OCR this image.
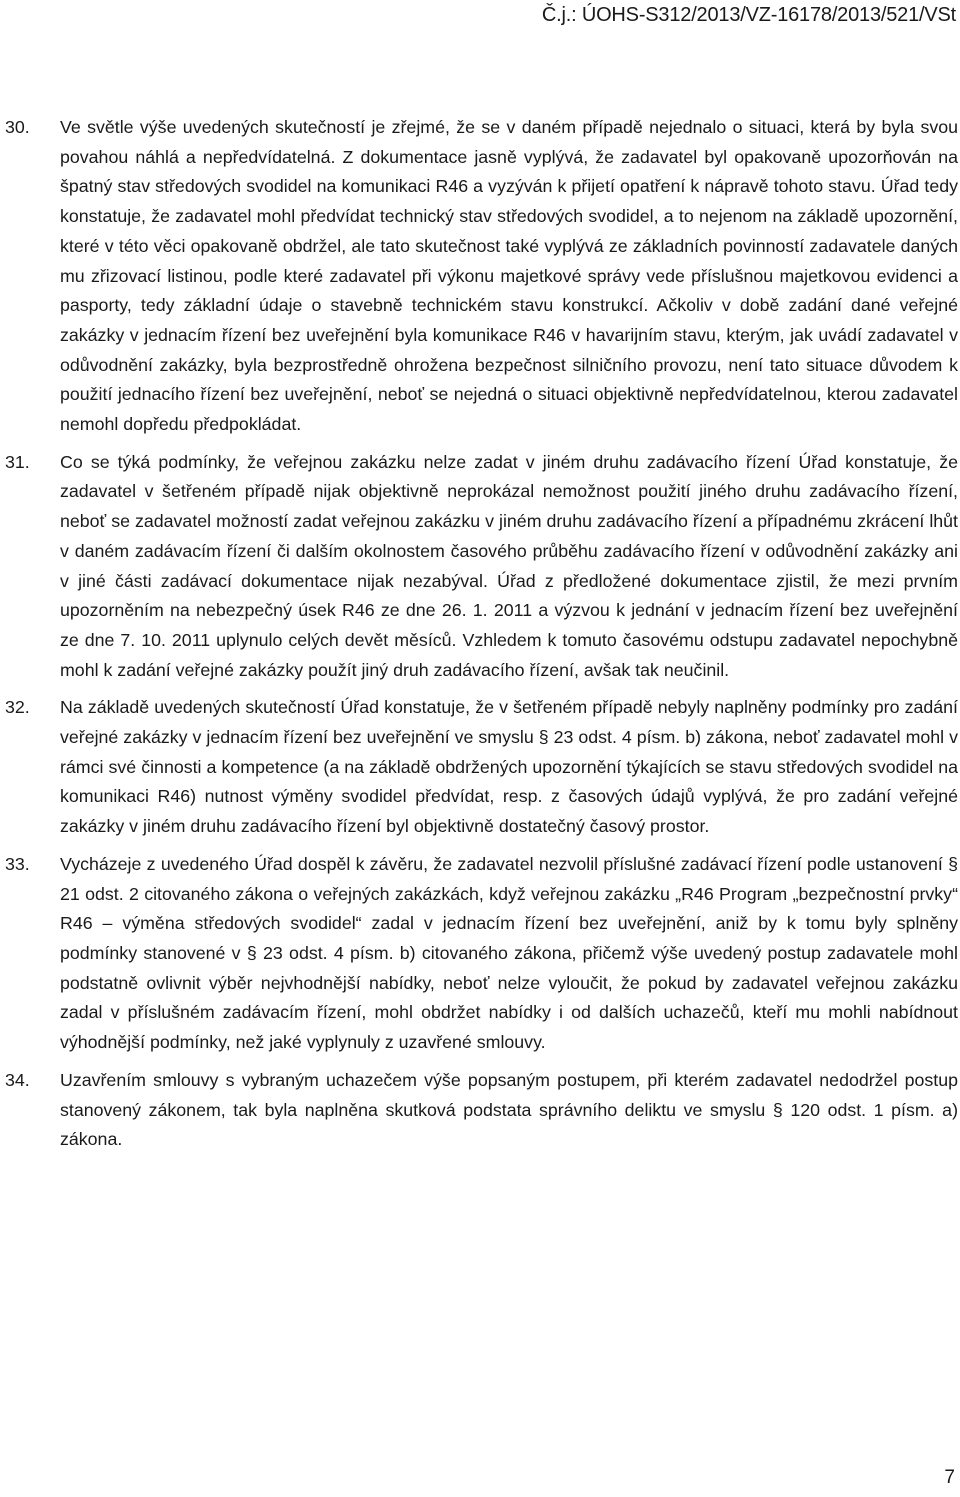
Č.j.: ÚOHS-S312/2013/VZ-16178/2013/521/VSt
30. Ve světle výše uvedených skutečností je zřejmé, že se v daném případě nejednalo o situaci, která by byla svou povahou náhlá a nepředvídatelná. Z dokumentace jasně vyplývá, že zadavatel byl opakovaně upozorňován na špatný stav středových svodidel na komunikaci R46 a vyzýván k přijetí opatření k nápravě tohoto stavu. Úřad tedy konstatuje, že zadavatel mohl předvídat technický stav středových svodidel, a to nejenom na základě upozornění, které v této věci opakovaně obdržel, ale tato skutečnost také vyplývá ze základních povinností zadavatele daných mu zřizovací listinou, podle které zadavatel při výkonu majetkové správy vede příslušnou majetkovou evidenci a pasporty, tedy základní údaje o stavebně technickém stavu konstrukcí. Ačkoliv v době zadání dané veřejné zakázky v jednacím řízení bez uveřejnění byla komunikace R46 v havarijním stavu, kterým, jak uvádí zadavatel v odůvodnění zakázky, byla bezprostředně ohrožena bezpečnost silničního provozu, není tato situace důvodem k použití jednacího řízení bez uveřejnění, neboť se nejedná o situaci objektivně nepředvídatelnou, kterou zadavatel nemohl dopředu předpokládat.
31. Co se týká podmínky, že veřejnou zakázku nelze zadat v jiném druhu zadávacího řízení Úřad konstatuje, že zadavatel v šetřeném případě nijak objektivně neprokázal nemožnost použití jiného druhu zadávacího řízení, neboť se zadavatel možností zadat veřejnou zakázku v jiném druhu zadávacího řízení a případnému zkrácení lhůt v daném zadávacím řízení či dalším okolnostem časového průběhu zadávacího řízení v odůvodnění zakázky ani v jiné části zadávací dokumentace nijak nezabýval. Úřad z předložené dokumentace zjistil, že mezi prvním upozorněním na nebezpečný úsek R46 ze dne 26. 1. 2011 a výzvou k jednání v jednacím řízení bez uveřejnění ze dne 7. 10. 2011 uplynulo celých devět měsíců. Vzhledem k tomuto časovému odstupu zadavatel nepochybně mohl k zadání veřejné zakázky použít jiný druh zadávacího řízení, avšak tak neučinil.
32. Na základě uvedených skutečností Úřad konstatuje, že v šetřeném případě nebyly naplněny podmínky pro zadání veřejné zakázky v jednacím řízení bez uveřejnění ve smyslu § 23 odst. 4 písm. b) zákona, neboť zadavatel mohl v rámci své činnosti a kompetence (a na základě obdržených upozornění týkajících se stavu středových svodidel na komunikaci R46) nutnost výměny svodidel předvídat, resp. z časových údajů vyplývá, že pro zadání veřejné zakázky v jiném druhu zadávacího řízení byl objektivně dostatečný časový prostor.
33. Vycházeje z uvedeného Úřad dospěl k závěru, že zadavatel nezvolil příslušné zadávací řízení podle ustanovení § 21 odst. 2 citovaného zákona o veřejných zakázkách, když veřejnou zakázku „R46 Program „bezpečnostní prvky“ R46 – výměna středových svodidel“ zadal v jednacím řízení bez uveřejnění, aniž by k tomu byly splněny podmínky stanovené v § 23 odst. 4 písm. b) citovaného zákona, přičemž výše uvedený postup zadavatele mohl podstatně ovlivnit výběr nejvhodnější nabídky, neboť nelze vyloučit, že pokud by zadavatel veřejnou zakázku zadal v příslušném zadávacím řízení, mohl obdržet nabídky i od dalších uchazečů, kteří mu mohli nabídnout výhodnější podmínky, než jaké vyplynuly z uzavřené smlouvy.
34. Uzavřením smlouvy s vybraným uchazečem výše popsaným postupem, při kterém zadavatel nedodržel postup stanovený zákonem, tak byla naplněna skutková podstata správního deliktu ve smyslu § 120 odst. 1 písm. a) zákona.
7
